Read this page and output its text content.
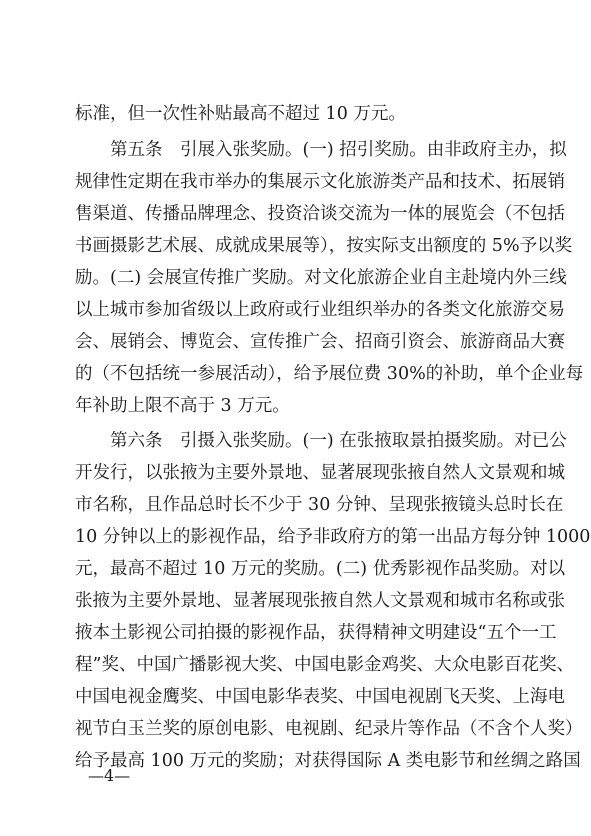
标准，但一次性补贴最高不超过 10 万元。
　　第五条　引展入张奖励。(一) 招引奖励。由非政府主办，拟
规律性定期在我市举办的集展示文化旅游类产品和技术、拓展销
售渠道、传播品牌理念、投资洽谈交流为一体的展览会（不包括
书画摄影艺术展、成就成果展等），按实际支出额度的 5%予以奖
励。(二) 会展宣传推广奖励。对文化旅游企业自主赴境内外三线
以上城市参加省级以上政府或行业组织举办的各类文化旅游交易
会、展销会、博览会、宣传推广会、招商引资会、旅游商品大赛
的（不包括统一参展活动），给予展位费 30%的补助，单个企业每
年补助上限不高于 3 万元。
　　第六条　引摄入张奖励。(一) 在张掖取景拍摄奖励。对已公
开发行，以张掖为主要外景地、显著展现张掖自然人文景观和城
市名称，且作品总时长不少于 30 分钟、呈现张掖镜头总时长在
10 分钟以上的影视作品，给予非政府方的第一出品方每分钟 1000
元，最高不超过 10 万元的奖励。(二) 优秀影视作品奖励。对以
张掖为主要外景地、显著展现张掖自然人文景观和城市名称或张
掖本土影视公司拍摄的影视作品，获得精神文明建设“五个一工
程”奖、中国广播影视大奖、中国电影金鸡奖、大众电影百花奖、
中国电视金鹰奖、中国电影华表奖、中国电视剧飞天奖、上海电
视节白玉兰奖的原创电影、电视剧、纪录片等作品（不含个人奖）
给予最高 100 万元的奖励；对获得国际 A 类电影节和丝绸之路国
—4—
